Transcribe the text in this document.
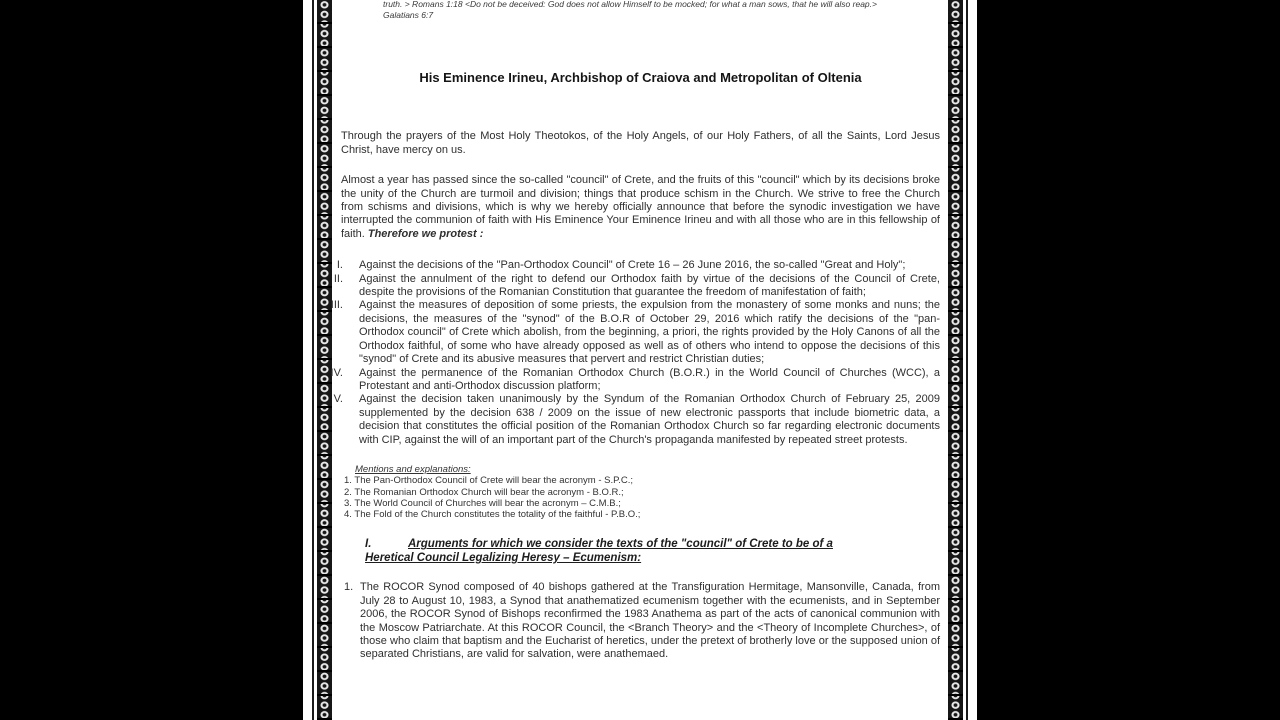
truth. > Romans 1:18 <Do not be deceived: God does not allow Himself to be mocked; for what a man sows, that he will also reap.>
Galatians 6:7
His Eminence Irineu, Archbishop of Craiova and Metropolitan of Oltenia
Through the prayers of the Most Holy Theotokos, of the Holy Angels, of our Holy Fathers, of all the Saints, Lord Jesus Christ, have mercy on us.
Almost a year has passed since the so-called "council" of Crete, and the fruits of this "council" which by its decisions broke the unity of the Church are turmoil and division; things that produce schism in the Church. We strive to free the Church from schisms and divisions, which is why we hereby officially announce that before the synodic investigation we have interrupted the communion of faith with His Eminence Your Eminence Irineu and with all those who are in this fellowship of faith. Therefore we protest :
I. Against the decisions of the "Pan-Orthodox Council" of Crete 16 – 26 June 2016, the so-called "Great and Holy";
II. Against the annulment of the right to defend our Orthodox faith by virtue of the decisions of the Council of Crete, despite the provisions of the Romanian Constitution that guarantee the freedom of manifestation of faith;
III. Against the measures of deposition of some priests, the expulsion from the monastery of some monks and nuns; the decisions, the measures of the "synod" of the B.O.R of October 29, 2016 which ratify the decisions of the "pan-Orthodox council" of Crete which abolish, from the beginning, a priori, the rights provided by the Holy Canons of all the Orthodox faithful, of some who have already opposed as well as of others who intend to oppose the decisions of this "synod" of Crete and its abusive measures that pervert and restrict Christian duties;
IV. Against the permanence of the Romanian Orthodox Church (B.O.R.) in the World Council of Churches (WCC), a Protestant and anti-Orthodox discussion platform;
V. Against the decision taken unanimously by the Syndum of the Romanian Orthodox Church of February 25, 2009 supplemented by the decision 638 / 2009 on the issue of new electronic passports that include biometric data, a decision that constitutes the official position of the Romanian Orthodox Church so far regarding electronic documents with CIP, against the will of an important part of the Church's propaganda manifested by repeated street protests.
Mentions and explanations:
1. The Pan-Orthodox Council of Crete will bear the acronym - S.P.C.;
2. The Romanian Orthodox Church will bear the acronym - B.O.R.;
3. The World Council of Churches will bear the acronym – C.M.B.;
4. The Fold of the Church constitutes the totality of the faithful - P.B.O.;
I.	Arguments for which we consider the texts of the "council" of Crete to be of a Heretical Council Legalizing Heresy – Ecumenism:
1. The ROCOR Synod composed of 40 bishops gathered at the Transfiguration Hermitage, Mansonville, Canada, from July 28 to August 10, 1983, a Synod that anathematized ecumenism together with the ecumenists, and in September 2006, the ROCOR Synod of Bishops reconfirmed the 1983 Anathema as part of the acts of canonical communion with the Moscow Patriarchate. At this ROCOR Council, the <Branch Theory> and the <Theory of Incomplete Churches>, of those who claim that baptism and the Eucharist of heretics, under the pretext of brotherly love or the supposed union of separated Christians, are valid for salvation, were anathemaed.
